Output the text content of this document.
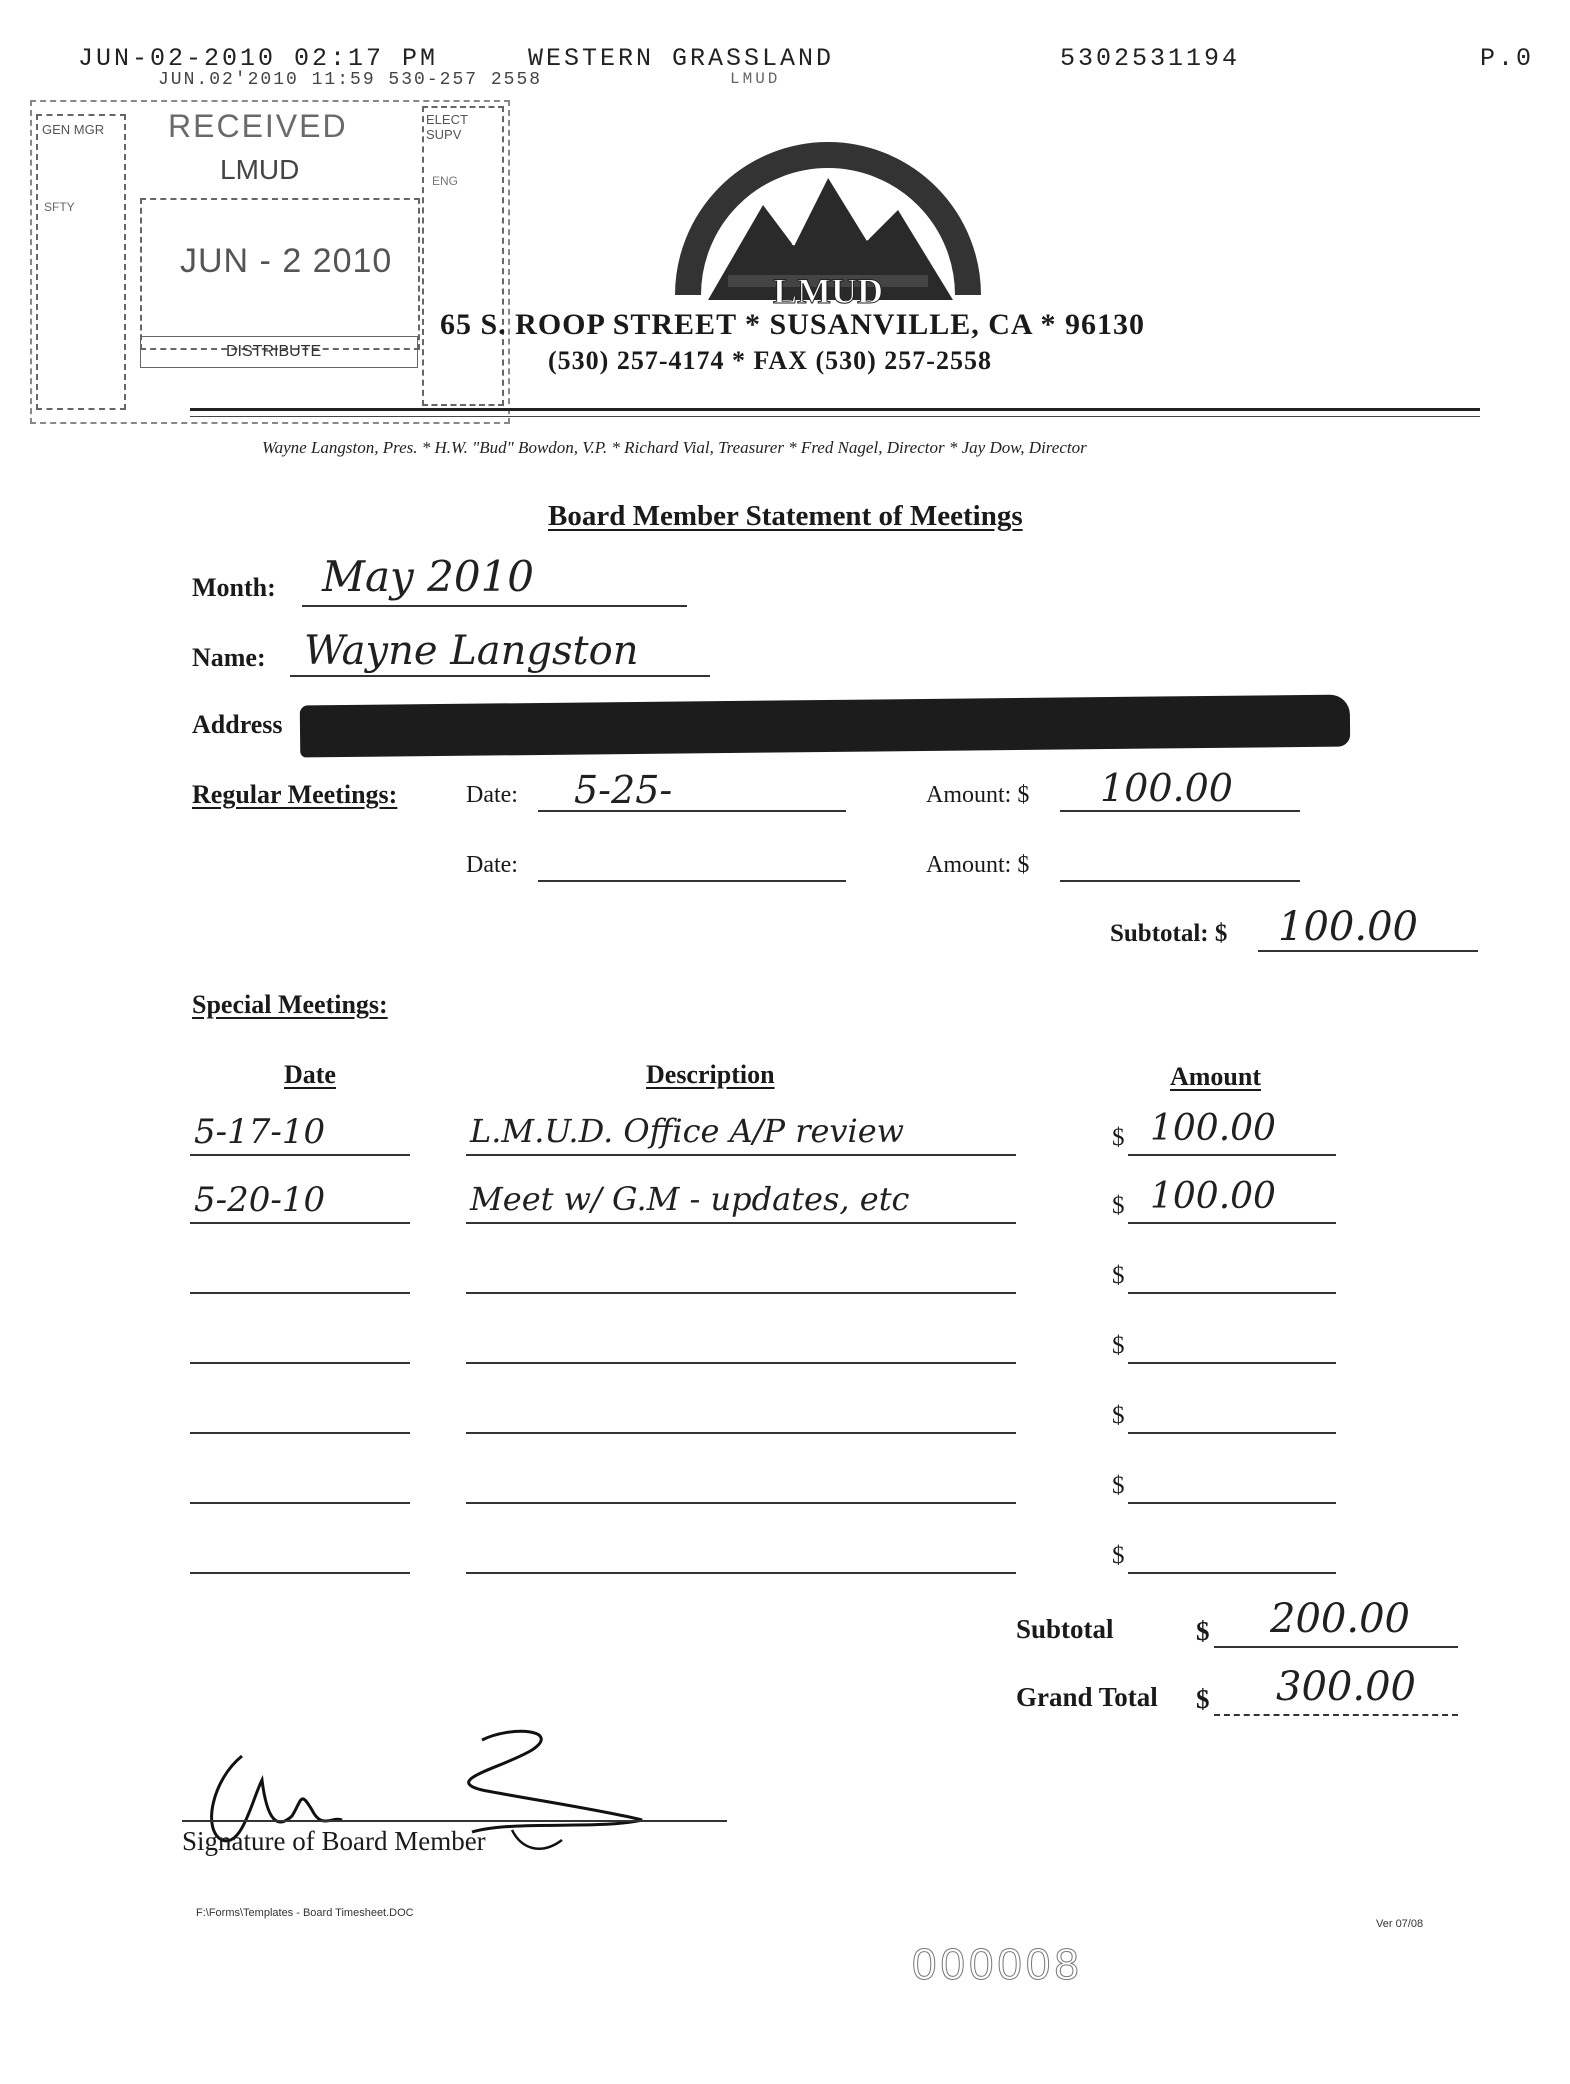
JUN-02-2010 02:17 PM	WESTERN GRASSLAND	5302531194	P.0
JUN.02'2010 11:59 530-257 2558	LMUD
GEN MGR
SFTY
ELECT SUPV
ENG
RECEIVED
LMUD
JUN - 2 2010
DISTRIBUTE
LMUD
65 S. ROOP STREET * SUSANVILLE, CA * 96130
(530) 257-4174 * FAX (530) 257-2558
Wayne Langston, Pres. * H.W. "Bud" Bowdon, V.P. * Richard Vial, Treasurer * Fred Nagel, Director * Jay Dow, Director
Board Member Statement of Meetings
Month: May 2010
Name: Wayne Langston
Address
Regular Meetings:	Date: 5-25-	Amount: $ 100.00
Date:	Amount: $
Subtotal: $ 100.00
Special Meetings:
Date	Description	Amount
5-17-10	L.M.U.D. Office A/P review	$ 100.00
5-20-10	Meet w/ G.M - updates, etc	$ 100.00
$
$
$
$
$
Subtotal	$ 200.00
Grand Total $ 300.00
Signature of Board Member
F:\Forms\Templates - Board Timesheet.DOC
Ver 07/08
000008
